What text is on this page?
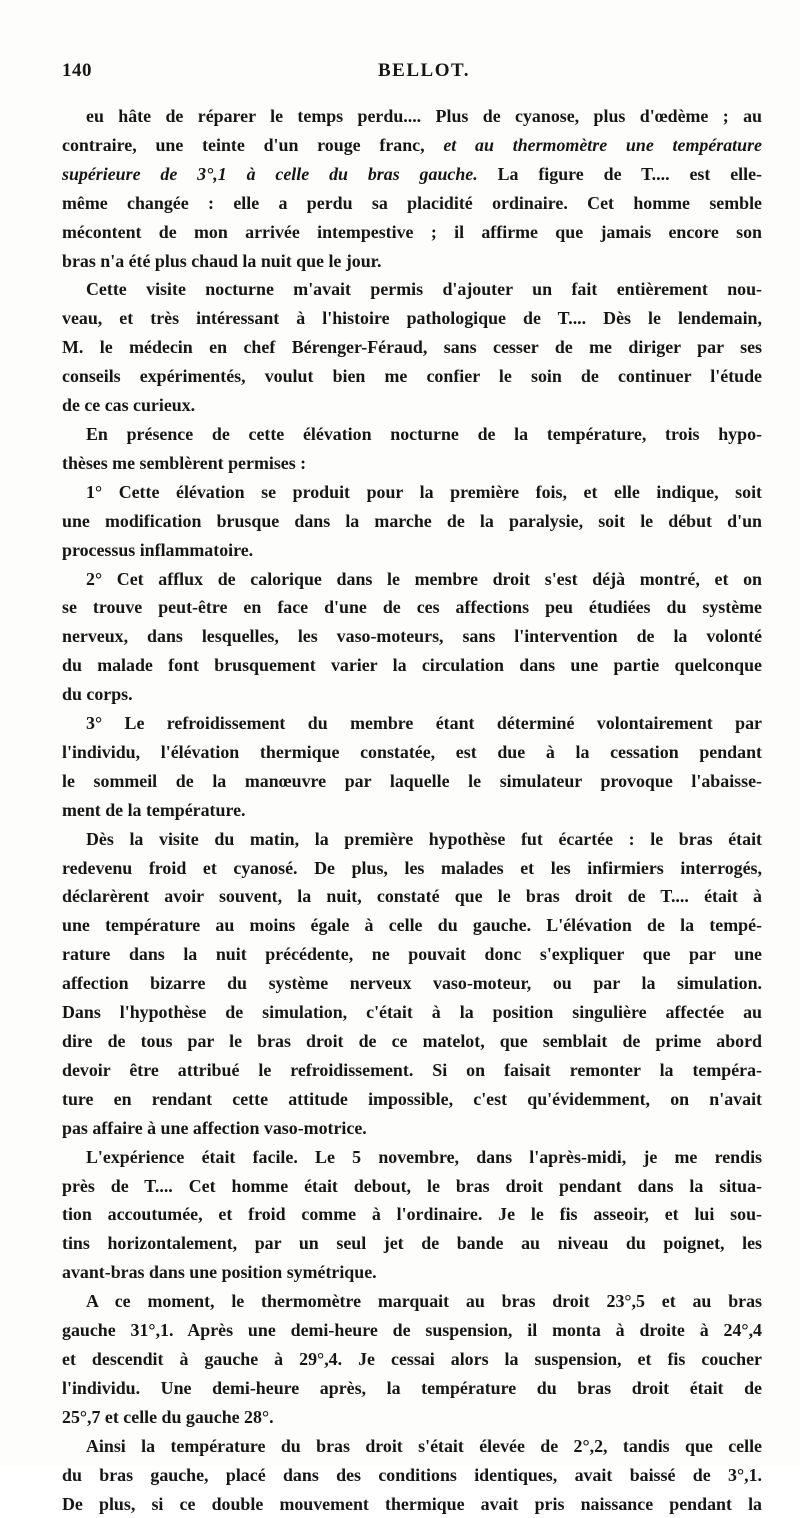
140	BELLOT.

eu hâte de réparer le temps perdu.... Plus de cyanose, plus d'œdème ; au
contraire, une teinte d'un rouge franc, et au thermomètre une température
supérieure de 3°,1 à celle du bras gauche. La figure de T.... est elle-
même changée : elle a perdu sa placidité ordinaire. Cet homme semble
mécontent de mon arrivée intempestive ; il affirme que jamais encore son
bras n'a été plus chaud la nuit que le jour.

Cette visite nocturne m'avait permis d'ajouter un fait entièrement nou-
veau, et très intéressant à l'histoire pathologique de T.... Dès le lendemain,
M. le médecin en chef Bérenger-Féraud, sans cesser de me diriger par ses
conseils expérimentés, voulut bien me confier le soin de continuer l'étude
de ce cas curieux.

En présence de cette élévation nocturne de la température, trois hypo-
thèses me semblèrent permises :

1° Cette élévation se produit pour la première fois, et elle indique, soit
une modification brusque dans la marche de la paralysie, soit le début d'un
processus inflammatoire.

2° Cet afflux de calorique dans le membre droit s'est déjà montré, et on
se trouve peut-être en face d'une de ces affections peu étudiées du système
nerveux, dans lesquelles, les vaso-moteurs, sans l'intervention de la volonté
du malade font brusquement varier la circulation dans une partie quelconque
du corps.

3° Le refroidissement du membre étant déterminé volontairement par
l'individu, l'élévation thermique constatée, est due à la cessation pendant
le sommeil de la manœuvre par laquelle le simulateur provoque l'abaisse-
ment de la température.

Dès la visite du matin, la première hypothèse fut écartée : le bras était
redevenu froid et cyanosé. De plus, les malades et les infirmiers interrogés,
déclarèrent avoir souvent, la nuit, constaté que le bras droit de T.... était à
une température au moins égale à celle du gauche. L'élévation de la tempé-
rature dans la nuit précédente, ne pouvait donc s'expliquer que par une
affection bizarre du système nerveux vaso-moteur, ou par la simulation.
Dans l'hypothèse de simulation, c'était à la position singulière affectée au
dire de tous par le bras droit de ce matelot, que semblait de prime abord
devoir être attribué le refroidissement. Si on faisait remonter la tempéra-
ture en rendant cette attitude impossible, c'est qu'évidemment, on n'avait
pas affaire à une affection vaso-motrice.

L'expérience était facile. Le 5 novembre, dans l'après-midi, je me rendis
près de T.... Cet homme était debout, le bras droit pendant dans la situa-
tion accoutumée, et froid comme à l'ordinaire. Je le fis asseoir, et lui sou-
tins horizontalement, par un seul jet de bande au niveau du poignet, les
avant-bras dans une position symétrique.

A ce moment, le thermomètre marquait au bras droit 23°,5 et au bras
gauche 31°,1. Après une demi-heure de suspension, il monta à droite à 24°,4
et descendit à gauche à 29°,4. Je cessai alors la suspension, et fis coucher
l'individu. Une demi-heure après, la température du bras droit était de
25°,7 et celle du gauche 28°.

Ainsi la température du bras droit s'était élevée de 2°,2, tandis que celle
du bras gauche, placé dans des conditions identiques, avait baissé de 3°,1.
De plus, si ce double mouvement thermique avait pris naissance pendant la
